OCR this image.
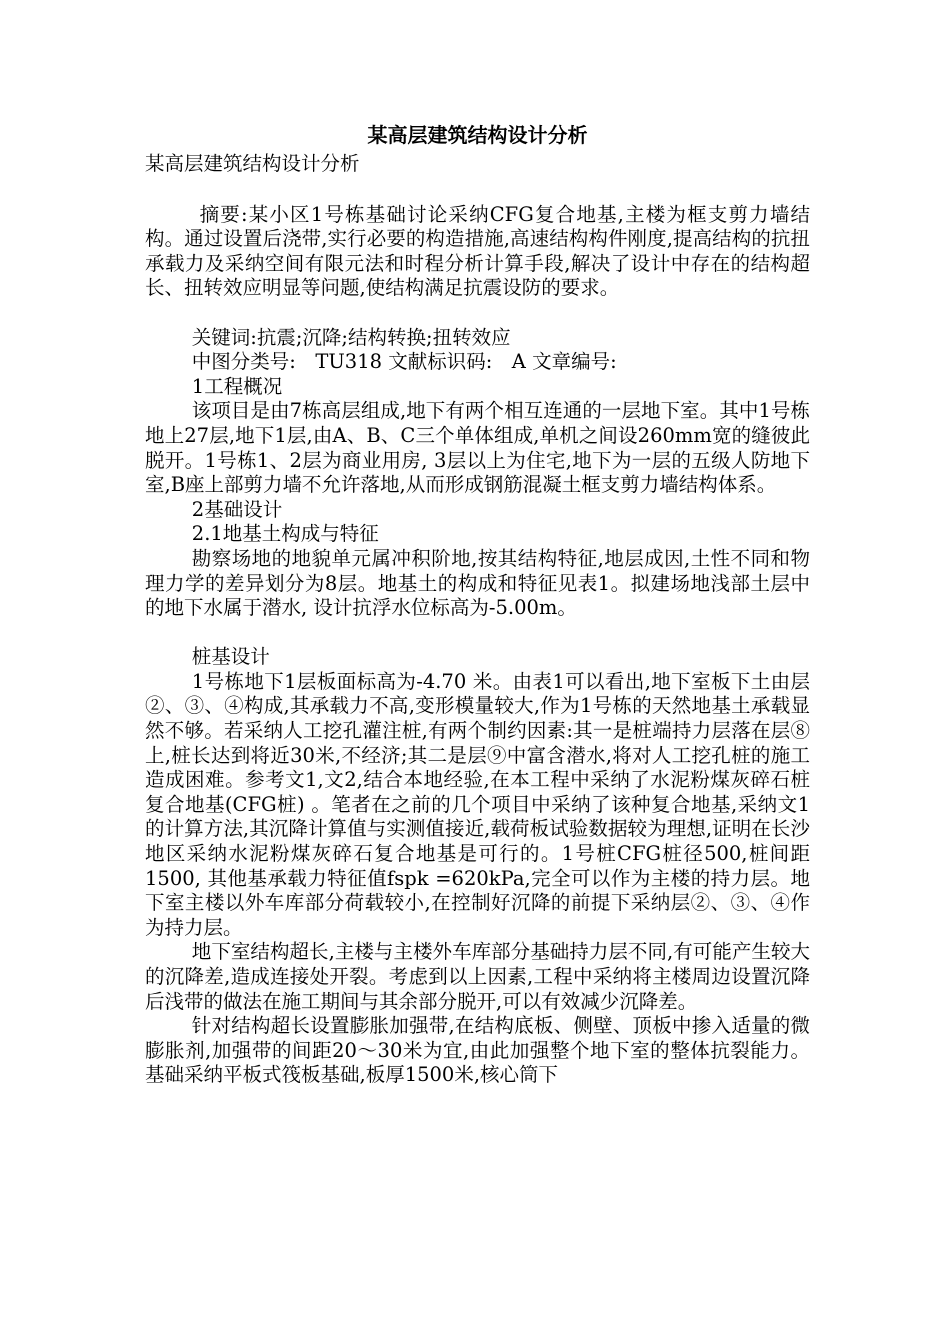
某高层建筑结构设计分析

某高层建筑结构设计分析

摘要:某小区1号栋基础讨论采纳CFG复合地基,主楼为框支剪力墙结构。通过设置后浇带,实行必要的构造措施,高速结构构件刚度,提高结构的抗扭承载力及采纳空间有限元法和时程分析计算手段,解决了设计中存在的结构超长、扭转效应明显等问题,使结构满足抗震设防的要求。

关键词:抗震;沉降;结构转换;扭转效应

中图分类号:　TU318 文献标识码:　A 文章编号:

1工程概况

该项目是由7栋高层组成,地下有两个相互连通的一层地下室。其中1号栋地上27层,地下1层,由A、B、C三个单体组成,单机之间设260mm宽的缝彼此脱开。1号栋1、2层为商业用房, 3层以上为住宅,地下为一层的五级人防地下室,B座上部剪力墙不允许落地,从而形成钢筋混凝土框支剪力墙结构体系。

2基础设计

2.1地基土构成与特征

勘察场地的地貌单元属冲积阶地,按其结构特征,地层成因,土性不同和物理力学的差异划分为8层。地基土的构成和特征见表1。拟建场地浅部土层中的地下水属于潜水, 设计抗浮水位标高为-5.00m。

桩基设计

1号栋地下1层板面标高为-4.70 米。由表1可以看出,地下室板下土由层②、③、④构成,其承载力不高,变形模量较大,作为1号栋的天然地基土承载显然不够。若采纳人工挖孔灌注桩,有两个制约因素:其一是桩端持力层落在层⑧上,桩长达到将近30米,不经济;其二是层⑨中富含潜水,将对人工挖孔桩的施工造成困难。参考文1,文2,结合本地经验,在本工程中采纳了水泥粉煤灰碎石桩复合地基(CFG桩) 。笔者在之前的几个项目中采纳了该种复合地基,采纳文1的计算方法,其沉降计算值与实测值接近,载荷板试验数据较为理想,证明在长沙地区采纳水泥粉煤灰碎石复合地基是可行的。1号桩CFG桩径500,桩间距1500, 其他基承载力特征值fspk =620kPa,完全可以作为主楼的持力层。地下室主楼以外车库部分荷载较小,在控制好沉降的前提下采纳层②、③、④作为持力层。

地下室结构超长,主楼与主楼外车库部分基础持力层不同,有可能产生较大的沉降差,造成连接处开裂。考虑到以上因素,工程中采纳将主楼周边设置沉降后浅带的做法在施工期间与其余部分脱开,可以有效减少沉降差。

针对结构超长设置膨胀加强带,在结构底板、侧壁、顶板中掺入适量的微膨胀剂,加强带的间距20～30米为宜,由此加强整个地下室的整体抗裂能力。基础采纳平板式筏板基础,板厚1500米,核心筒下
